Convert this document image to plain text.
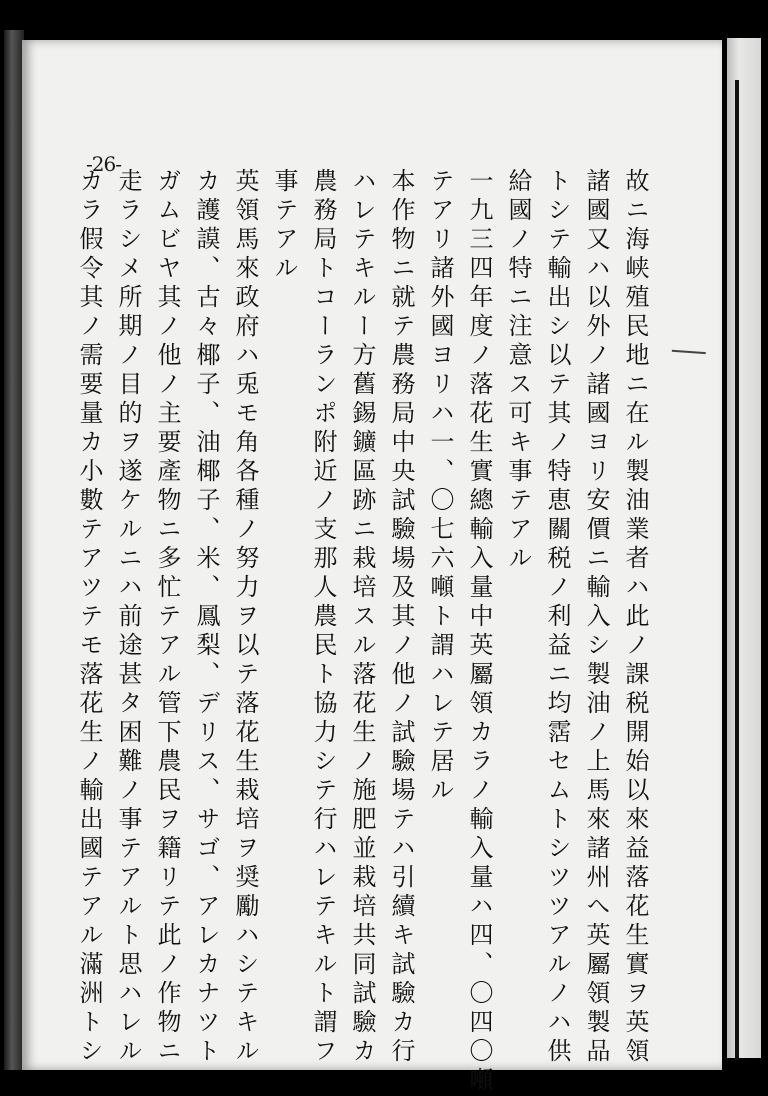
-26-
故ニ海峡殖民地ニ在ル製油業者ハ此ノ課税開始以來益落花生實ヲ英領
諸國又ハ以外ノ諸國ヨリ安價ニ輸入シ製油ノ上馬來諸州へ英屬領製品
トシテ輸出シ以テ其ノ特恵關税ノ利益ニ均霑セムトシツツアルノハ供
給國ノ特ニ注意ス可キ事テアル
一九三四年度ノ落花生實總輸入量中英屬領カラノ輸入量ハ四、〇四〇噸
テアリ諸外國ヨリハ一、〇七六噸ト謂ハレテ居ル
本作物ニ就テ農務局中央試驗場及其ノ他ノ試驗場テハ引續キ試驗カ行
ハレテキルー方舊錫鑛區跡ニ栽培スル落花生ノ施肥並栽培共同試驗カ
農務局トコーランポ附近ノ支那人農民ト協力シテ行ハレテキルト謂フ
事テアル
英領馬來政府ハ兎モ角各種ノ努力ヲ以テ落花生栽培ヲ奨勵ハシテキル
カ護謨、古々椰子、油椰子、米、鳳梨、デリス、サゴ、アレカナツト
ガムビヤ其ノ他ノ主要產物ニ多忙テアル管下農民ヲ籍リテ此ノ作物ニ
走ラシメ所期ノ目的ヲ遂ケルニハ前途甚タ困難ノ事テアルト思ハレル
カラ假令其ノ需要量カ小數テアツテモ落花生ノ輸出國テアル滿洲トシ
